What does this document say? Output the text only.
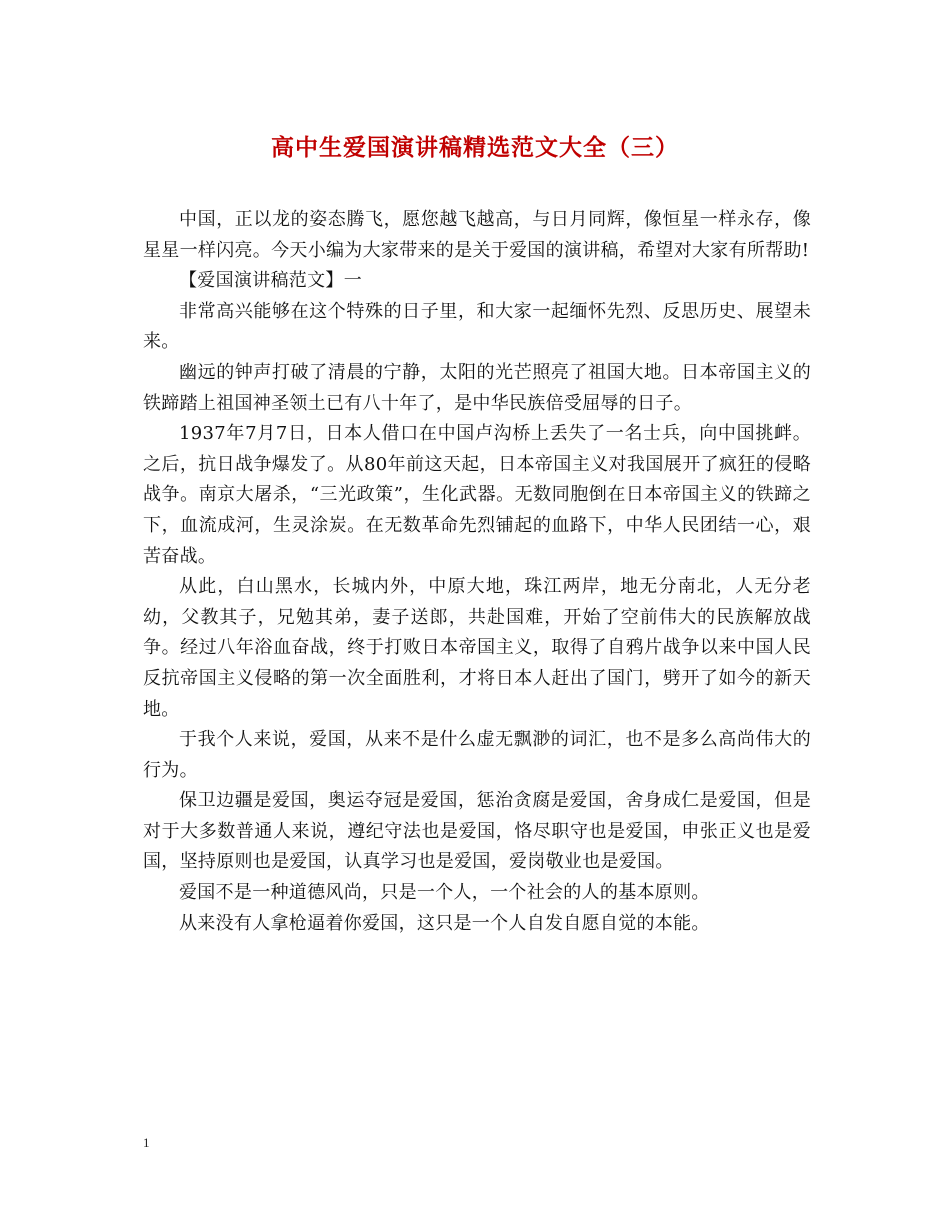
高中生爱国演讲稿精选范文大全（三）

中国，正以龙的姿态腾飞，愿您越飞越高，与日月同辉，像恒星一样永存，像星星一样闪亮。今天小编为大家带来的是关于爱国的演讲稿，希望对大家有所帮助!

【爱国演讲稿范文】一

非常高兴能够在这个特殊的日子里，和大家一起缅怀先烈、反思历史、展望未来。

幽远的钟声打破了清晨的宁静，太阳的光芒照亮了祖国大地。日本帝国主义的铁蹄踏上祖国神圣领土已有八十年了，是中华民族倍受屈辱的日子。

1937年7月7日，日本人借口在中国卢沟桥上丢失了一名士兵，向中国挑衅。之后，抗日战争爆发了。从80年前这天起，日本帝国主义对我国展开了疯狂的侵略战争。南京大屠杀，“三光政策”，生化武器。无数同胞倒在日本帝国主义的铁蹄之下，血流成河，生灵涂炭。在无数革命先烈铺起的血路下，中华人民团结一心，艰苦奋战。

从此，白山黑水，长城内外，中原大地，珠江两岸，地无分南北，人无分老幼，父教其子，兄勉其弟，妻子送郎，共赴国难，开始了空前伟大的民族解放战争。经过八年浴血奋战，终于打败日本帝国主义，取得了自鸦片战争以来中国人民反抗帝国主义侵略的第一次全面胜利，才将日本人赶出了国门，劈开了如今的新天地。

于我个人来说，爱国，从来不是什么虚无飘渺的词汇，也不是多么高尚伟大的行为。

保卫边疆是爱国，奥运夺冠是爱国，惩治贪腐是爱国，舍身成仁是爱国，但是对于大多数普通人来说，遵纪守法也是爱国，恪尽职守也是爱国，申张正义也是爱国，坚持原则也是爱国，认真学习也是爱国，爱岗敬业也是爱国。

爱国不是一种道德风尚，只是一个人，一个社会的人的基本原则。

从来没有人拿枪逼着你爱国，这只是一个人自发自愿自觉的本能。

1
